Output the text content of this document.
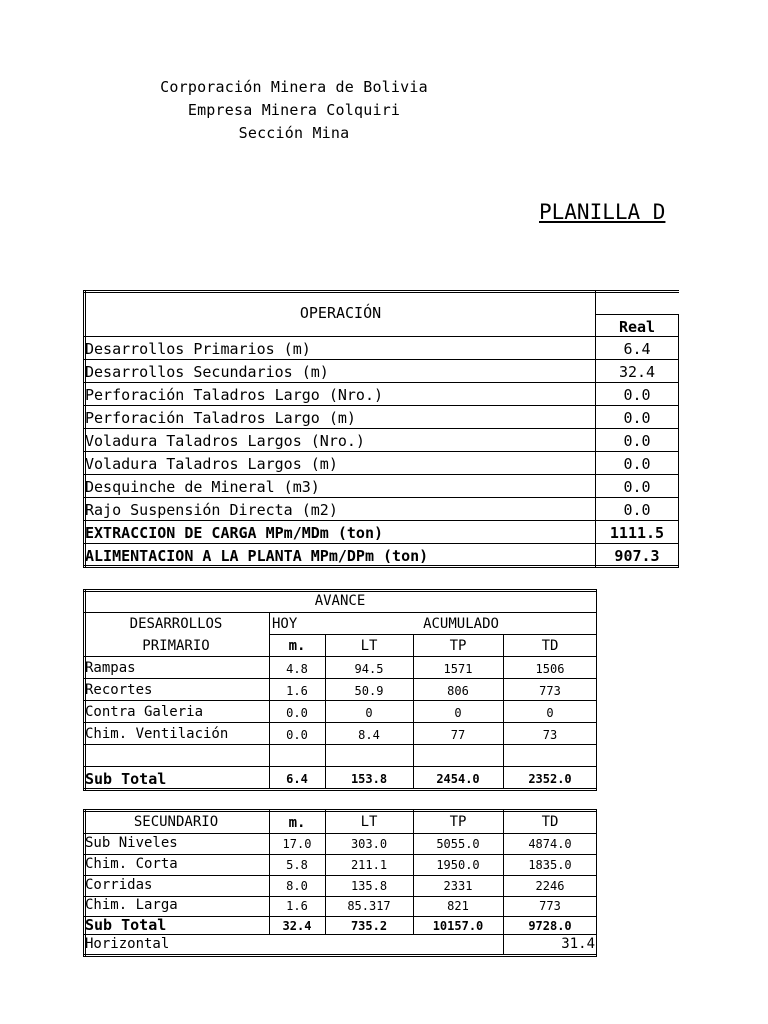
Corporación Minera de Bolivia
Empresa Minera Colquiri
Sección Mina
PLANILLA D
OPERACIÓN
Real
Desarrollos Primarios (m)	6.4
Desarrollos Secundarios (m)	32.4
Perforación Taladros Largo (Nro.)	0.0
Perforación Taladros Largo (m)	0.0
Voladura Taladros Largos (Nro.)	0.0
Voladura Taladros Largos (m)	0.0
Desquinche de Mineral (m3)	0.0
Rajo Suspensión Directa (m2)	0.0
EXTRACCION DE CARGA MPm/MDm (ton)	1111.5
ALIMENTACION A LA PLANTA MPm/DPm (ton)	907.3
AVANCE
DESARROLLOS
PRIMARIO
HOY	ACUMULADO
m.	LT	TP	TD
Rampas	4.8	94.5	1571	1506
Recortes	1.6	50.9	806	773
Contra Galeria	0.0	0	0	0
Chim. Ventilación	0.0	8.4	77	73
Sub Total	6.4	153.8	2454.0	2352.0
SECUNDARIO	m.	LT	TP	TD
Sub Niveles	17.0	303.0	5055.0	4874.0
Chim. Corta	5.8	211.1	1950.0	1835.0
Corridas	8.0	135.8	2331	2246
Chim. Larga	1.6	85.317	821	773
Sub Total	32.4	735.2	10157.0	9728.0
Horizontal	31.4
